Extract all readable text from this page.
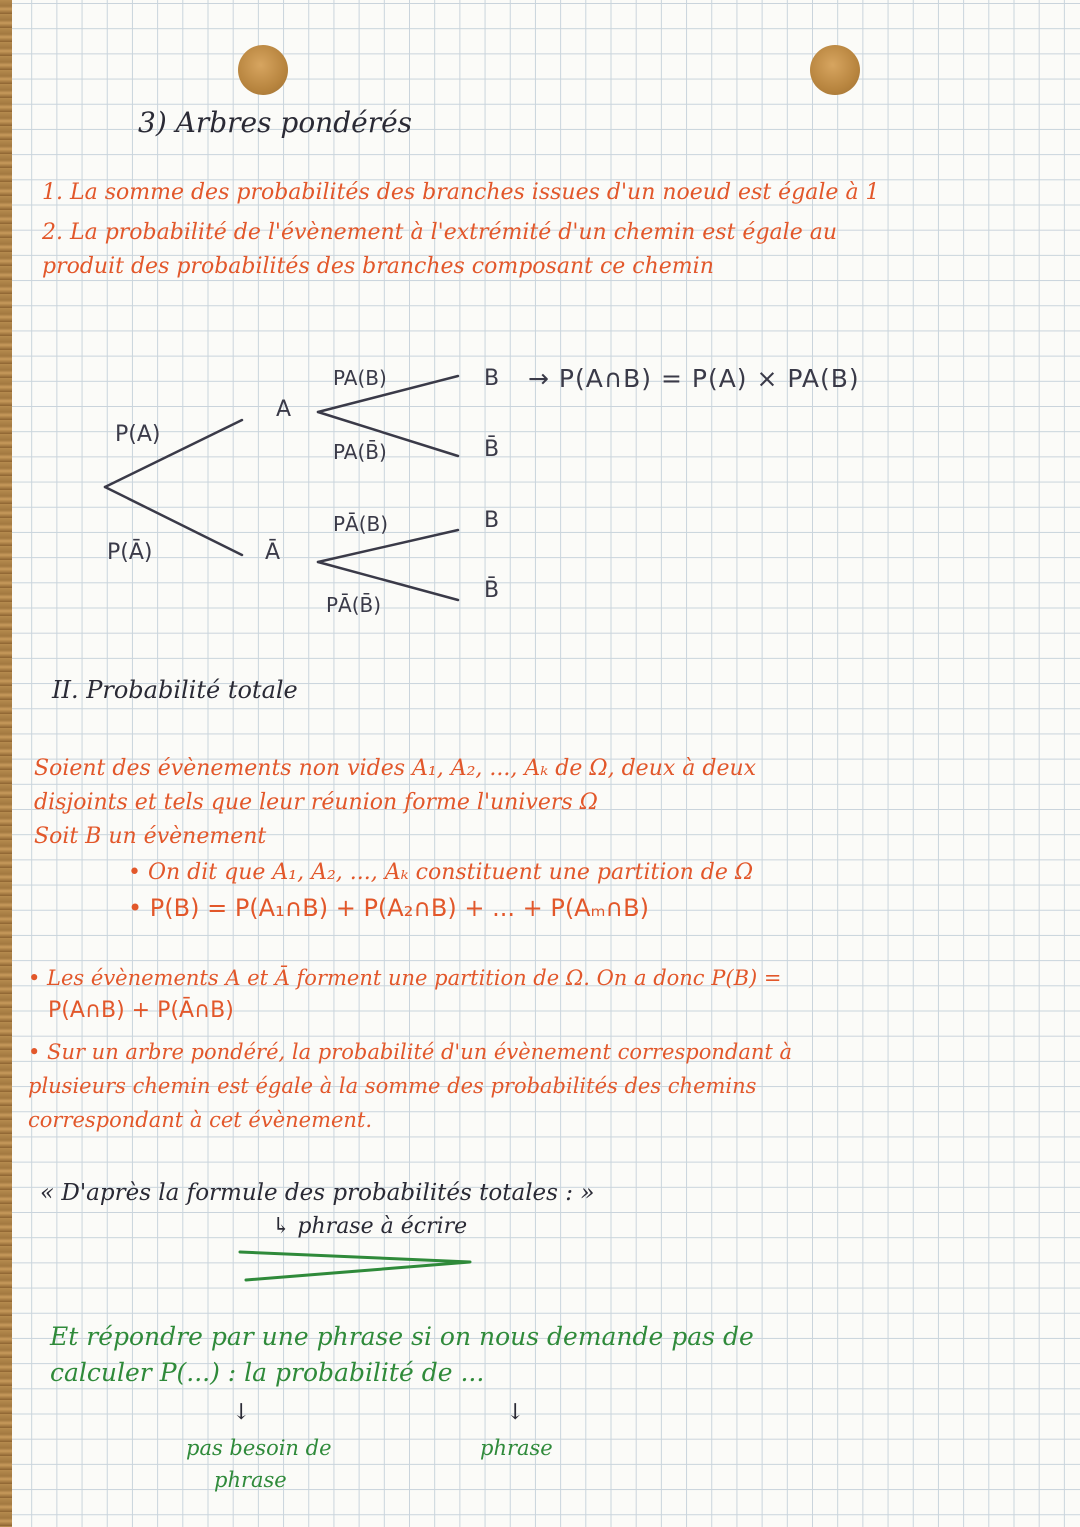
3) Arbres pondérés
1. La somme des probabilités des branches issues d'un noeud est égale à 1
2. La probabilité de l'évènement à l'extrémité d'un chemin est égale au
produit des probabilités des branches composant ce chemin
P(A)
P(Ā)
A
Ā
PA(B)
PA(B̄)
PĀ(B)
PĀ(B̄)
B
B̄
B
B̄
→ P(A∩B) = P(A) × PA(B)
II. Probabilité totale
Soient des évènements non vides A₁, A₂, ..., Aₖ de Ω, deux à deux
disjoints et tels que leur réunion forme l'univers Ω
Soit B un évènement
• On dit que A₁, A₂, ..., Aₖ constituent une partition de Ω
• P(B) = P(A₁∩B) + P(A₂∩B) + ... + P(Aₘ∩B)
• Les évènements A et Ā forment une partition de Ω. On a donc P(B) =
P(A∩B) + P(Ā∩B)
• Sur un arbre pondéré, la probabilité d'un évènement correspondant à
plusieurs chemin est égale à la somme des probabilités des chemins
correspondant à cet évènement.
« D'après la formule des probabilités totales : »
↳ phrase à écrire
Et répondre par une phrase si on nous demande pas de
calculer P(...) : la probabilité de ...
↓	↓
pas besoin de
phrase
phrase
